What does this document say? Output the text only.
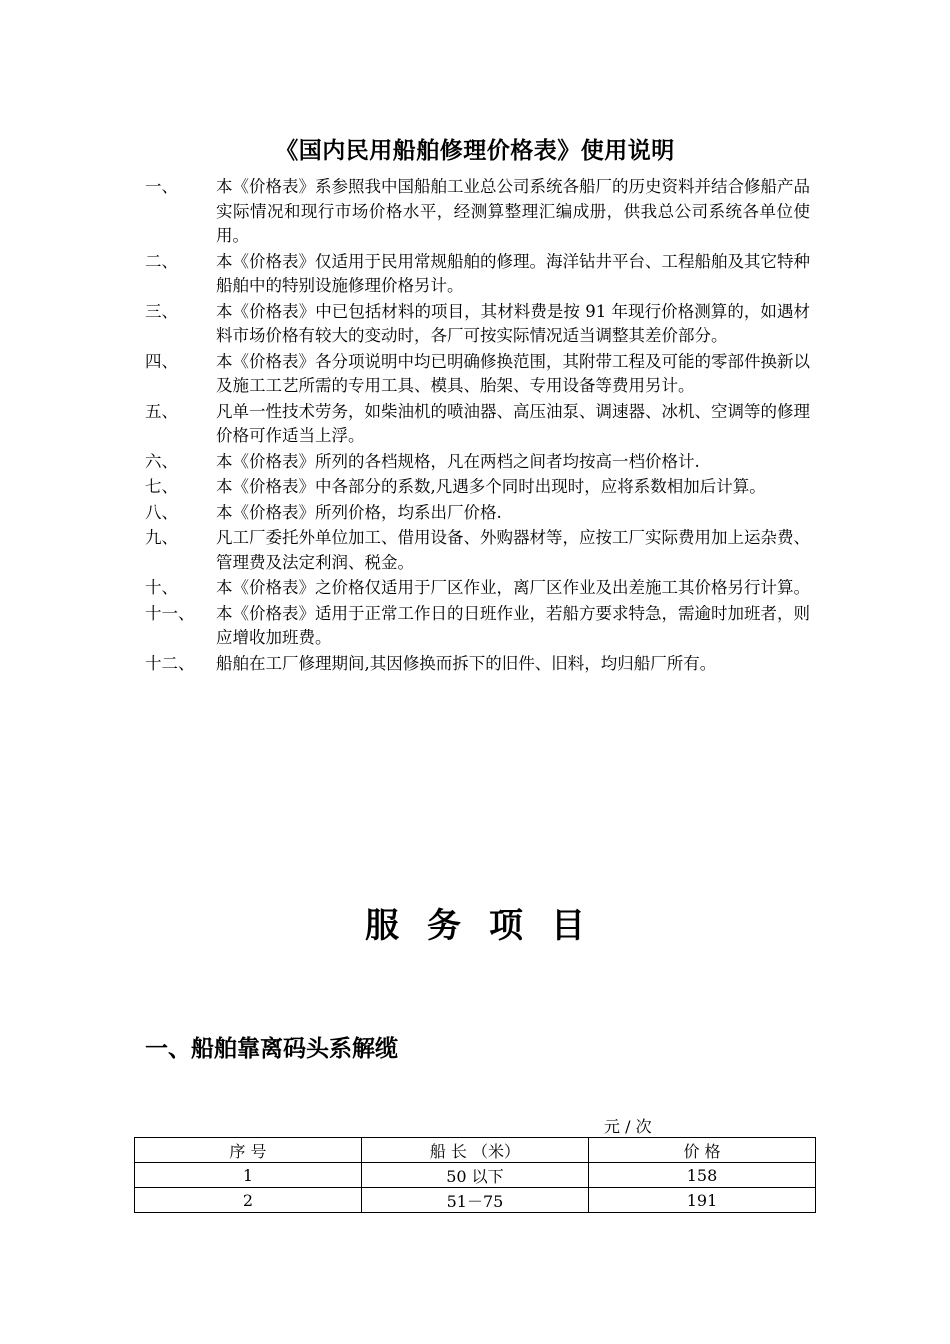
《国内民用船舶修理价格表》使用说明
一、	本《价格表》系参照我中国船舶工业总公司系统各船厂的历史资料并结合修船产品实际情况和现行市场价格水平，经测算整理汇编成册，供我总公司系统各单位使用。
二、	本《价格表》仅适用于民用常规船舶的修理。海洋钻井平台、工程船舶及其它特种船舶中的特别设施修理价格另计。
三、	本《价格表》中已包括材料的项目，其材料费是按 91 年现行价格测算的，如遇材料市场价格有较大的变动时，各厂可按实际情况适当调整其差价部分。
四、	本《价格表》各分项说明中均已明确修换范围，其附带工程及可能的零部件换新以及施工工艺所需的专用工具、模具、胎架、专用设备等费用另计。
五、	凡单一性技术劳务，如柴油机的喷油器、高压油泵、调速器、冰机、空调等的修理价格可作适当上浮。
六、	本《价格表》所列的各档规格，凡在两档之间者均按高一档价格计.
七、	本《价格表》中各部分的系数,凡遇多个同时出现时，应将系数相加后计算。
八、	本《价格表》所列价格，均系出厂价格.
九、	凡工厂委托外单位加工、借用设备、外购器材等，应按工厂实际费用加上运杂费、管理费及法定利润、税金。
十、	本《价格表》之价格仅适用于厂区作业，离厂区作业及出差施工其价格另行计算。
十一、	本《价格表》适用于正常工作日的日班作业，若船方要求特急，需逾时加班者，则应增收加班费。
十二、	船舶在工厂修理期间,其因修换而拆下的旧件、旧料，均归船厂所有。
服务项目
一、船舶靠离码头系解缆
元 / 次
序 号	船 长 （米）	价 格
1	50 以下	158
2	51－75	191
